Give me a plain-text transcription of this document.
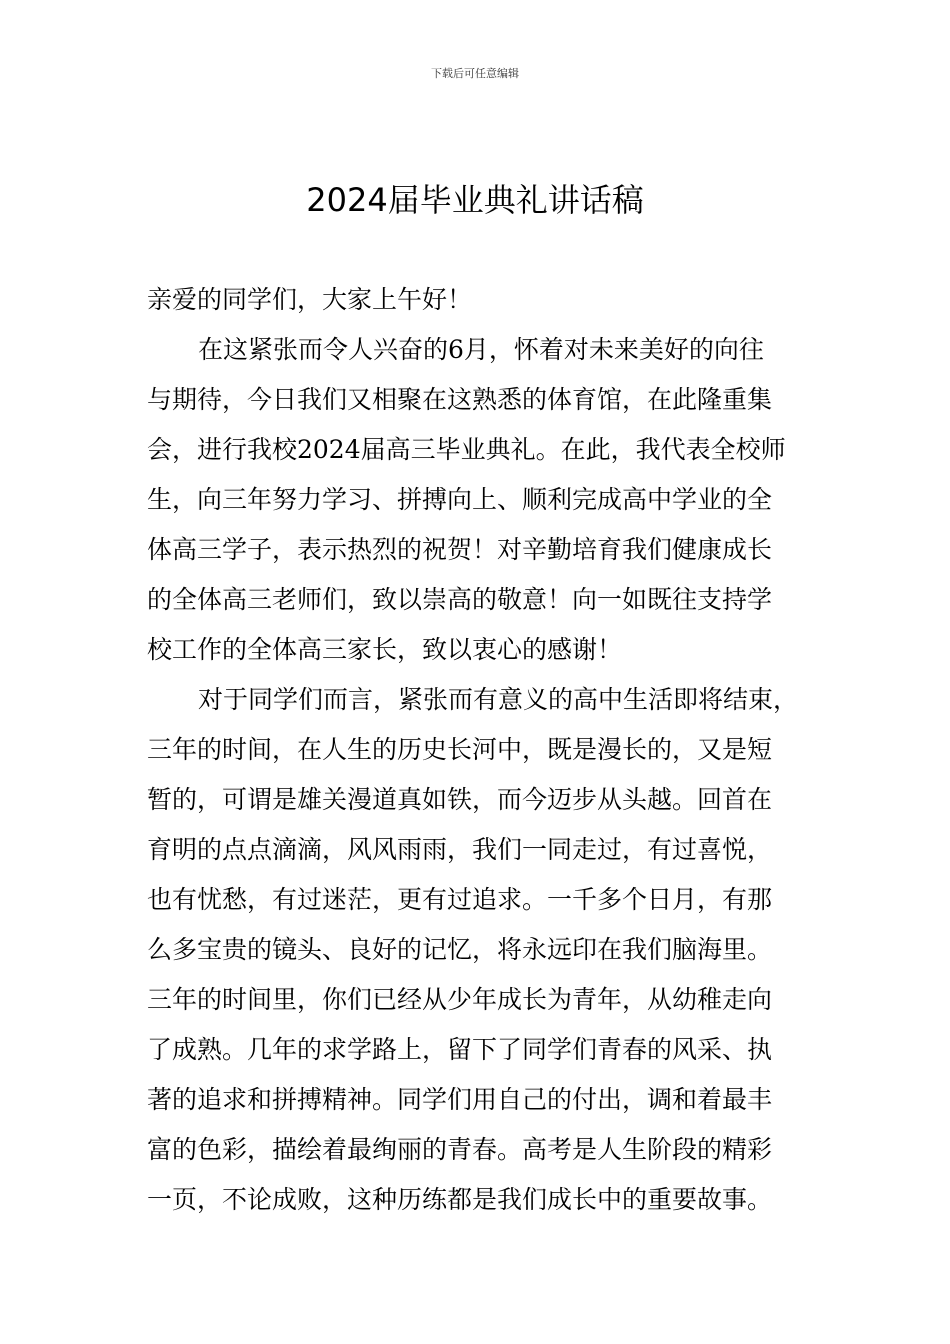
下载后可任意编辑
2024届毕业典礼讲话稿
亲爱的同学们，大家上午好！
在这紧张而令人兴奋的6月，怀着对未来美好的向往
与期待，今日我们又相聚在这熟悉的体育馆，在此隆重集
会，进行我校2024届高三毕业典礼。在此，我代表全校师
生，向三年努力学习、拼搏向上、顺利完成高中学业的全
体高三学子，表示热烈的祝贺！对辛勤培育我们健康成长
的全体高三老师们，致以崇高的敬意！向一如既往支持学
校工作的全体高三家长，致以衷心的感谢！
对于同学们而言，紧张而有意义的高中生活即将结束，
三年的时间，在人生的历史长河中，既是漫长的，又是短
暂的，可谓是雄关漫道真如铁，而今迈步从头越。回首在
育明的点点滴滴，风风雨雨，我们一同走过，有过喜悦，
也有忧愁，有过迷茫，更有过追求。一千多个日月，有那
么多宝贵的镜头、良好的记忆，将永远印在我们脑海里。
三年的时间里，你们已经从少年成长为青年，从幼稚走向
了成熟。几年的求学路上，留下了同学们青春的风采、执
著的追求和拼搏精神。同学们用自己的付出，调和着最丰
富的色彩，描绘着最绚丽的青春。高考是人生阶段的精彩
一页，不论成败，这种历练都是我们成长中的重要故事。
